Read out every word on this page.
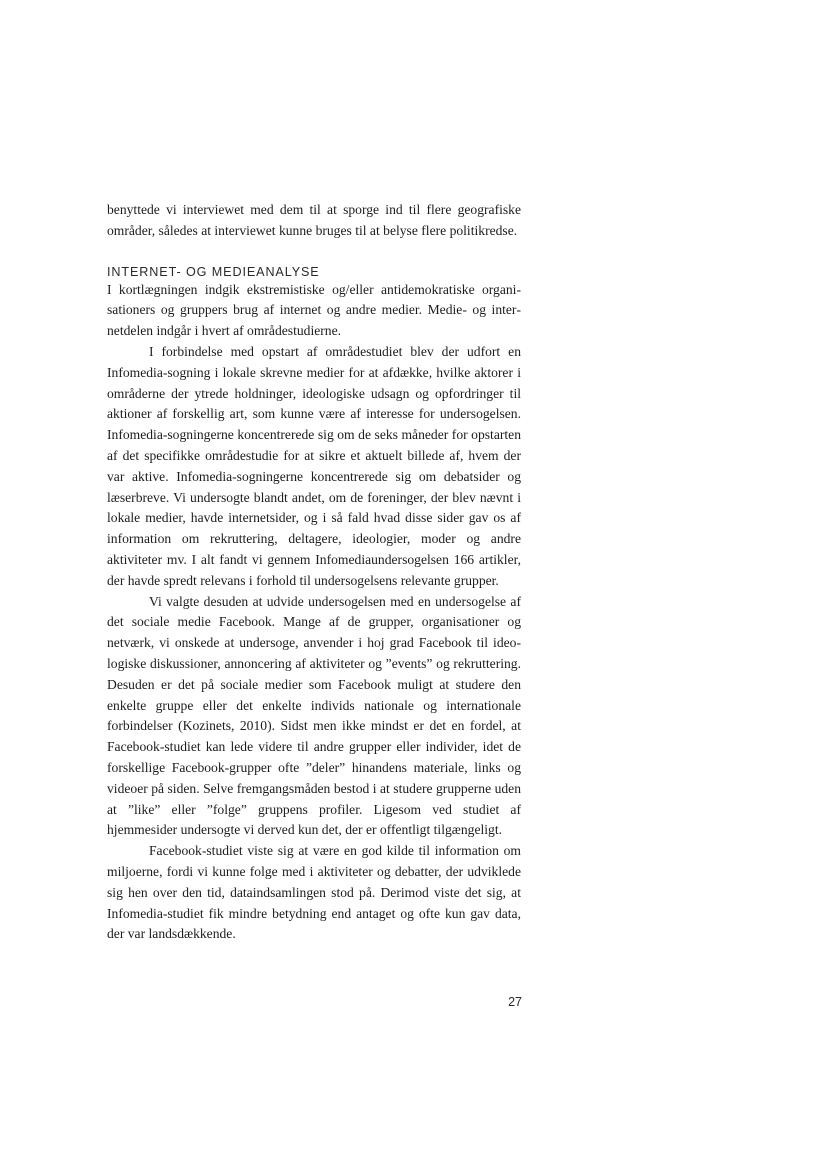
benyttede vi interviewet med dem til at sporge ind til flere geografiske områder, således at interviewet kunne bruges til at belyse flere politikredse.

INTERNET- OG MEDIEANALYSE

I kortlægningen indgik ekstremistiske og/eller antidemokratiske organisationers og gruppers brug af internet og andre medier. Medie- og internetdelen indgår i hvert af områdestudierne.

I forbindelse med opstart af områdestudiet blev der udfort en Infomedia-sogning i lokale skrevne medier for at afdække, hvilke aktorer i områderne der ytrede holdninger, ideologiske udsagn og opfordringer til aktioner af forskellig art, som kunne være af interesse for undersogelsen. Infomedia-sogningerne koncentrerede sig om de seks måneder for opstarten af det specifikke områdestudie for at sikre et aktuelt billede af, hvem der var aktive. Infomedia-sogningerne koncentrerede sig om debatsider og læserbreve. Vi undersogte blandt andet, om de foreninger, der blev nævnt i lokale medier, havde internetsider, og i så fald hvad disse sider gav os af information om rekruttering, deltagere, ideologier, moder og andre aktiviteter mv. I alt fandt vi gennem Infomediaundersogelsen 166 artikler, der havde spredt relevans i forhold til undersogelsens relevante grupper.

Vi valgte desuden at udvide undersogelsen med en undersogelse af det sociale medie Facebook. Mange af de grupper, organisationer og netværk, vi onskede at undersoge, anvender i hoj grad Facebook til ideologiske diskussioner, annoncering af aktiviteter og ”events” og rekruttering. Desuden er det på sociale medier som Facebook muligt at studere den enkelte gruppe eller det enkelte individs nationale og internationale forbindelser (Kozinets, 2010). Sidst men ikke mindst er det en fordel, at Facebook-studiet kan lede videre til andre grupper eller individer, idet de forskellige Facebook-grupper ofte ”deler” hinandens materiale, links og videoer på siden. Selve fremgangsmåden bestod i at studere grupperne uden at ”like” eller ”folge” gruppens profiler. Ligesom ved studiet af hjemmesider undersogte vi derved kun det, der er offentligt tilgængeligt.

Facebook-studiet viste sig at være en god kilde til information om miljoerne, fordi vi kunne folge med i aktiviteter og debatter, der udviklede sig hen over den tid, dataindsamlingen stod på. Derimod viste det sig, at Infomedia-studiet fik mindre betydning end antaget og ofte kun gav data, der var landsdækkende.

27
